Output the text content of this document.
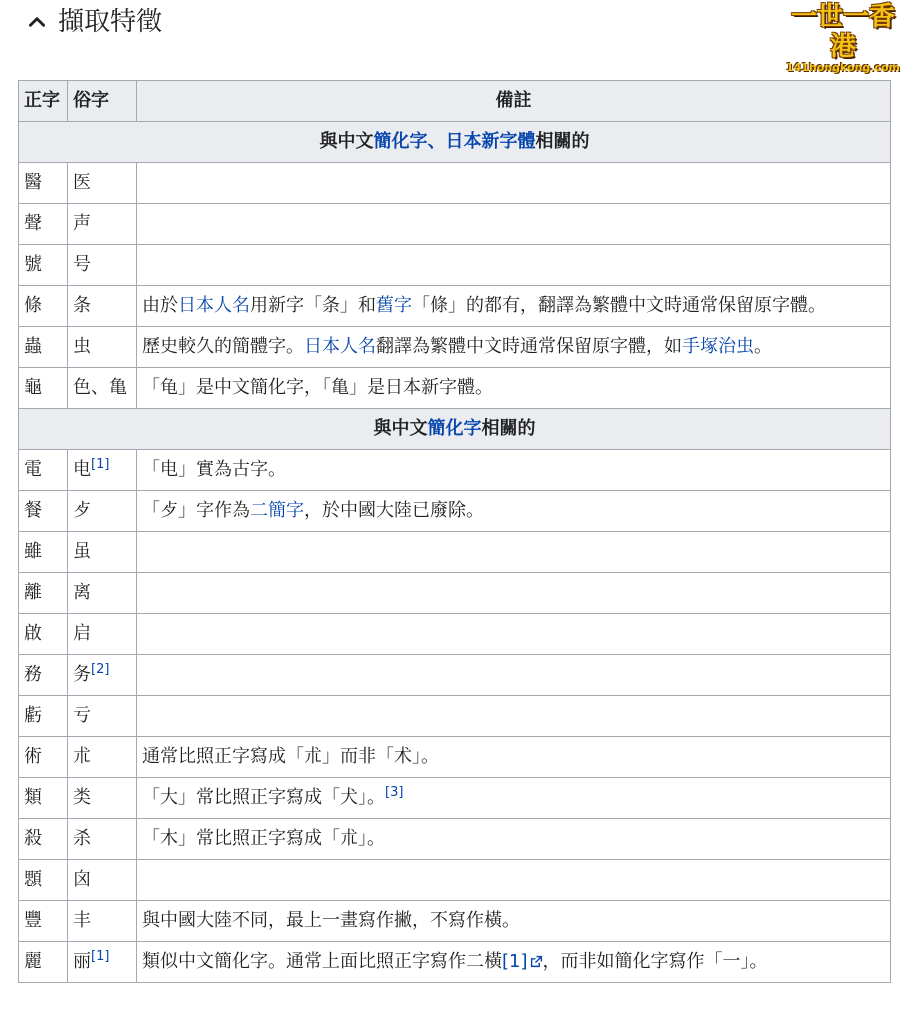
擷取特徵	一世一香港
141hongkong.com
正字	俗字	備註
與中文簡化字、日本新字體相關的		
醫	医	
聲	声	
號	号	
條	条	由於日本人名用新字「条」和舊字「條」的都有，翻譯為繁體中文時通常保留原字體。
蟲	虫	歷史較久的簡體字。日本人名翻譯為繁體中文時通常保留原字體，如手塚治虫。
龜	色、亀	「龟」是中文簡化字，「亀」是日本新字體。
與中文簡化字相關的		
電	电[1]	「电」實為古字。
餐	歺	「歺」字作為二簡字，於中國大陸已廢除。
雖	虽	
離	离	
啟	启	
務	务[2]	
虧	亏	
術	朮	通常比照正字寫成「朮」而非「术」。
類	类	「大」常比照正字寫成「犬」。[3]
殺	杀	「木」常比照正字寫成「朮」。
顋	囟	
豐	丰	與中國大陸不同，最上一畫寫作撇，不寫作橫。
麗	丽[1]	類似中文簡化字。通常上面比照正字寫作二橫[1] ，而非如簡化字寫作「一」。
